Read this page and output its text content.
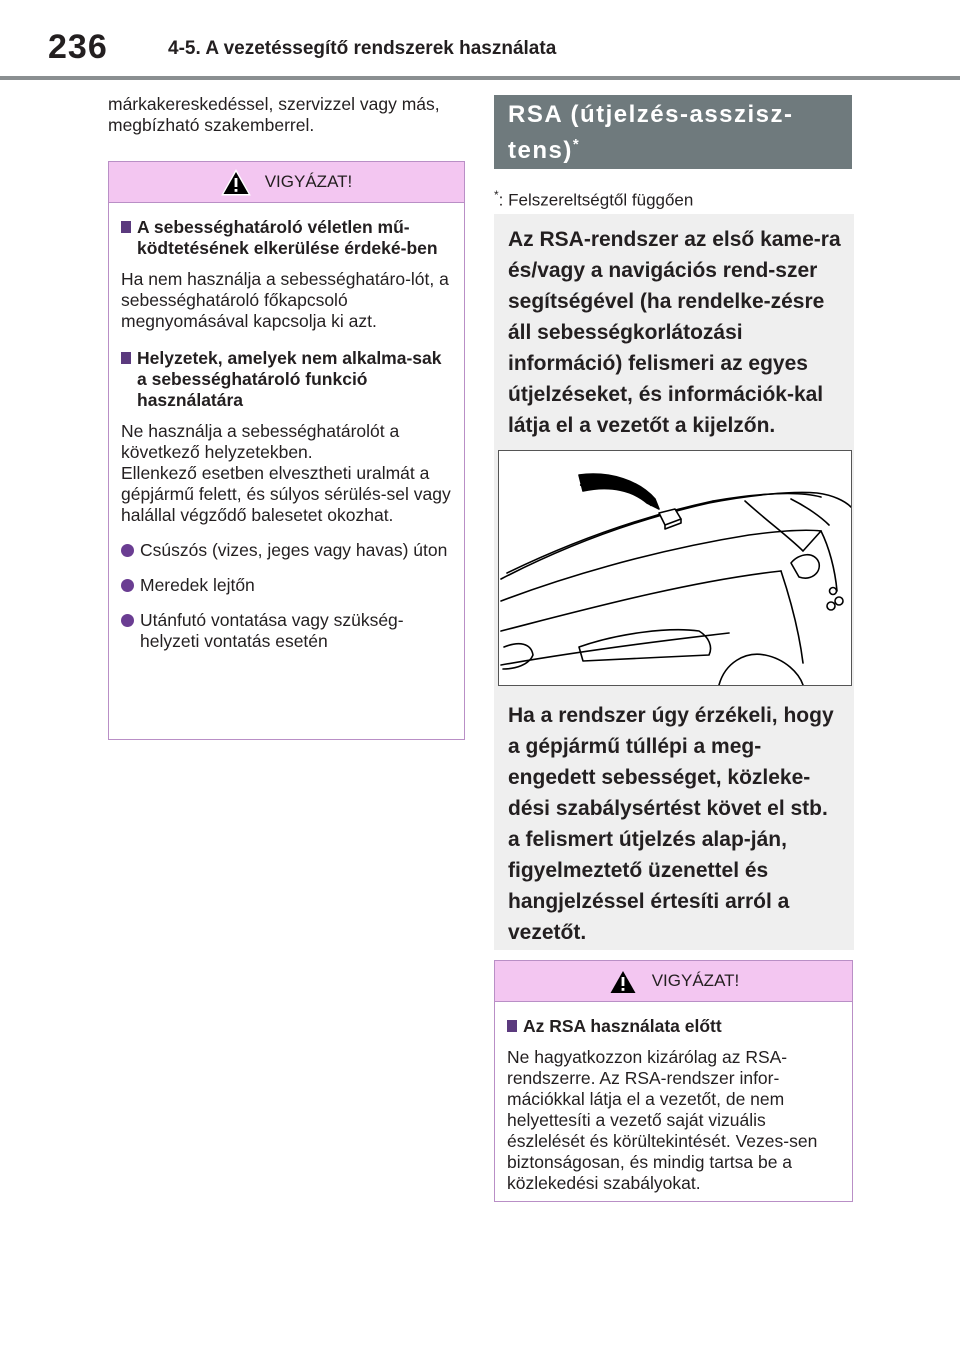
236	4-5. A vezetéssegítő rendszerek használata
márkakereskedéssel, szervizzel vagy más, megbízható szakemberrel.
VIGYÁZAT!
A sebességhatároló véletlen mű-ködtetésének elkerülése érdeké-ben

Ha nem használja a sebességhatáro-lót, a sebességhatároló főkapcsoló megnyomásával kapcsolja ki azt.

Helyzetek, amelyek nem alkalma-sak a sebességhatároló funkció használatára

Ne használja a sebességhatárolót a következő helyzetekben.

Ellenkező esetben elvesztheti uralmát a gépjármű felett, és súlyos sérülés-sel vagy halállal végződő balesetet okozhat.

Csúszós (vizes, jeges vagy havas) úton
Meredek lejtőn
Utánfutó vontatása vagy szükség-helyzeti vontatás esetén
RSA (útjelzés-asszisz-tens)*
*: Felszereltségtől függően
Az RSA-rendszer az első kame-ra és/vagy a navigációs rend-szer segítségével (ha rendelke-zésre áll sebességkorlátozási információ) felismeri az egyes útjelzéseket, és információk-kal látja el a vezetőt a kijelzőn.
Ha a rendszer úgy érzékeli, hogy a gépjármű túllépi a meg-engedett sebességet, közleke-dési szabálysértést követ el stb. a felismert útjelzés alap-ján, figyelmeztető üzenettel és hangjelzéssel értesíti arról a vezetőt.
VIGYÁZAT!
Az RSA használata előtt

Ne hagyatkozzon kizárólag az RSA-rendszerre. Az RSA-rendszer infor-mációkkal látja el a vezetőt, de nem helyettesíti a vezető saját vizuális észlelését és körültekintését. Vezes-sen biztonságosan, és mindig tartsa be a közlekedési szabályokat.
